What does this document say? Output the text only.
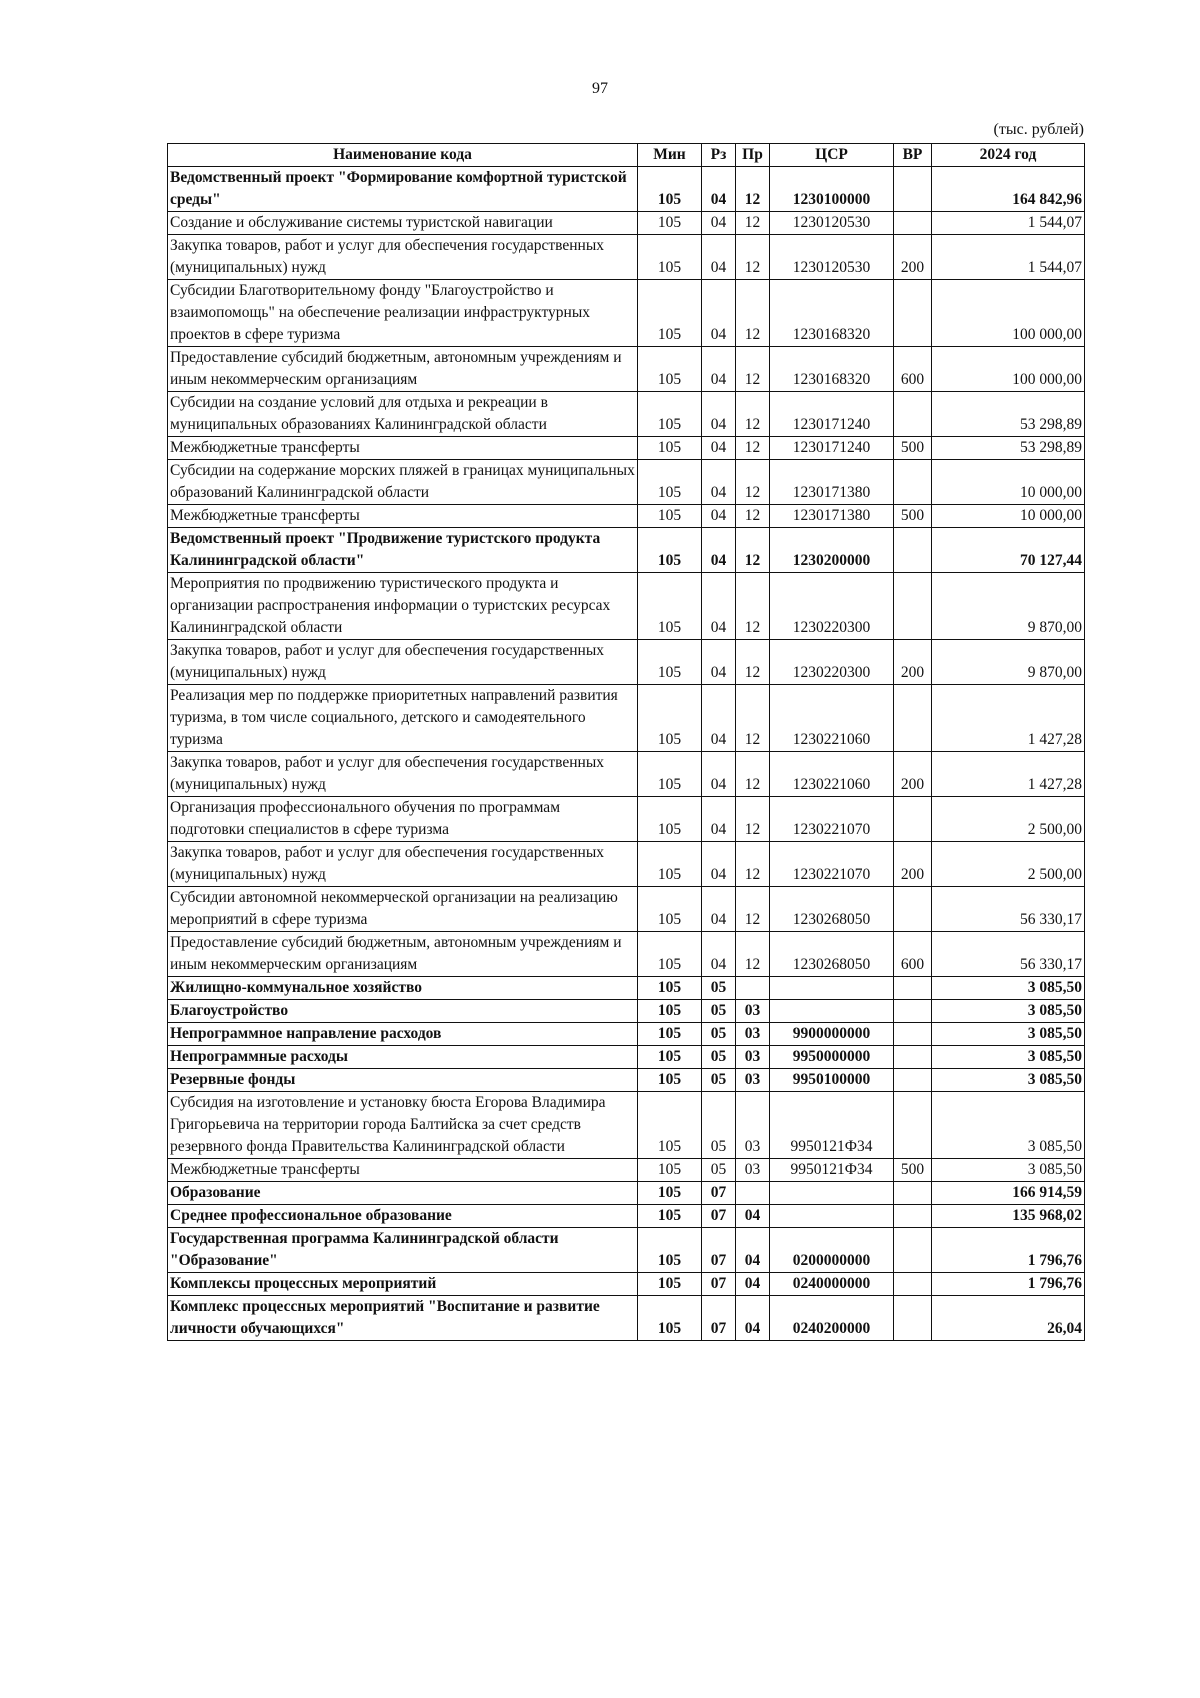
97
(тыс. рублей)
Наименование кода	Мин	Рз	Пр	ЦСР	ВР	2024 год
Ведомственный проект "Формирование комфортной туристской среды"	105	04	12	1230100000		164 842,96
Создание и обслуживание системы туристской навигации	105	04	12	1230120530		1 544,07
Закупка товаров, работ и услуг для обеспечения государственных (муниципальных) нужд	105	04	12	1230120530	200	1 544,07
Субсидии Благотворительному фонду "Благоустройство и взаимопомощь" на обеспечение реализации инфраструктурных проектов в сфере туризма	105	04	12	1230168320		100 000,00
Предоставление субсидий бюджетным, автономным учреждениям и иным некоммерческим организациям	105	04	12	1230168320	600	100 000,00
Субсидии на создание условий для отдыха и рекреации в муниципальных образованиях Калининградской области	105	04	12	1230171240		53 298,89
Межбюджетные трансферты	105	04	12	1230171240	500	53 298,89
Субсидии на содержание морских пляжей в границах муниципальных образований Калининградской области	105	04	12	1230171380		10 000,00
Межбюджетные трансферты	105	04	12	1230171380	500	10 000,00
Ведомственный проект "Продвижение туристского продукта Калининградской области"	105	04	12	1230200000		70 127,44
Мероприятия по продвижению туристического продукта и организации распространения информации о туристских ресурсах Калининградской области	105	04	12	1230220300		9 870,00
Закупка товаров, работ и услуг для обеспечения государственных (муниципальных) нужд	105	04	12	1230220300	200	9 870,00
Реализация мер по поддержке приоритетных направлений развития туризма, в том числе социального, детского и самодеятельного туризма	105	04	12	1230221060		1 427,28
Закупка товаров, работ и услуг для обеспечения государственных (муниципальных) нужд	105	04	12	1230221060	200	1 427,28
Организация профессионального обучения по программам подготовки специалистов в сфере туризма	105	04	12	1230221070		2 500,00
Закупка товаров, работ и услуг для обеспечения государственных (муниципальных) нужд	105	04	12	1230221070	200	2 500,00
Субсидии автономной некоммерческой организации на реализацию мероприятий в сфере туризма	105	04	12	1230268050		56 330,17
Предоставление субсидий бюджетным, автономным учреждениям и иным некоммерческим организациям	105	04	12	1230268050	600	56 330,17
Жилищно-коммунальное хозяйство	105	05				3 085,50
Благоустройство	105	05	03			3 085,50
Непрограммное направление расходов	105	05	03	9900000000		3 085,50
Непрограммные расходы	105	05	03	9950000000		3 085,50
Резервные фонды	105	05	03	9950100000		3 085,50
Субсидия на изготовление и установку бюста Егорова Владимира Григорьевича на территории города Балтийска за счет средств резервного фонда Правительства Калининградской области	105	05	03	9950121Ф34		3 085,50
Межбюджетные трансферты	105	05	03	9950121Ф34	500	3 085,50
Образование	105	07				166 914,59
Среднее профессиональное образование	105	07	04			135 968,02
Государственная программа Калининградской области "Образование"	105	07	04	0200000000		1 796,76
Комплексы процессных мероприятий	105	07	04	0240000000		1 796,76
Комплекс процессных мероприятий "Воспитание и развитие личности обучающихся"	105	07	04	0240200000		26,04
